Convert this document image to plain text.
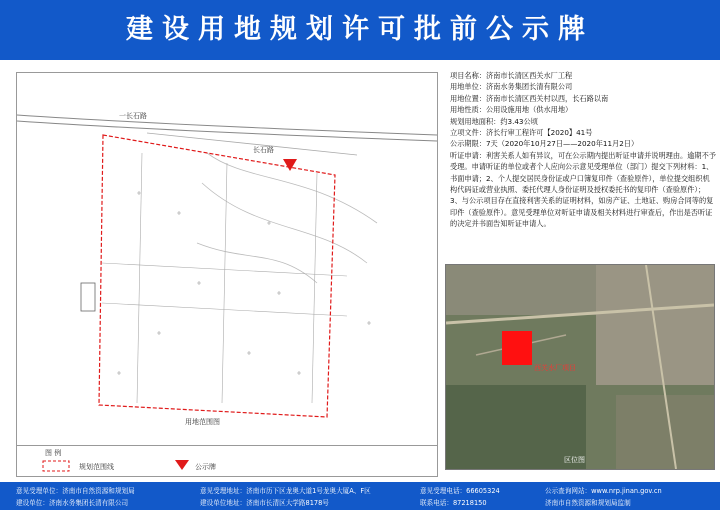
建设用地规划许可批前公示牌
一长石路
长石路
用地范围图
图 例
规划范围线	公示牌
项目名称：济南市长清区西关水厂工程
用地单位：济南水务集团长清有限公司
用地位置：济南市长清区西关村以西，长石路以南
用地性质：公用设施用地（供水用地）
规划用地面积：约3.43公顷
立项文件：济长行审工程许可【2020】41号
公示期限：7天（2020年10月27日——2020年11月2日）
听证申请：利害关系人如有异议，可在公示期内提出听证申请并说明理由。逾期不予受理。申请听证的单位或者个人应向公示意见受理单位（部门）提交下列材料：1、书面申请；2、个人提交居民身份证或户口簿复印件（查验原件），单位提交组织机构代码证或营业执照、委托代理人身份证明及授权委托书的复印件（查验原件）；3、与公示项目存在直接利害关系的证明材料，如房产证、土地证、购房合同等的复印件（查验原件）。意见受理单位对听证申请及相关材料进行审查后，作出是否听证的决定并书面告知听证申请人。
西关水厂项目
区位图
意见受理单位：济南市自然资源和规划局	意见受理地址：济南市历下区龙奥大道1号龙奥大厦A、F区	意见受理电话：66605324	公示查询网站：www.nrp.jinan.gov.cn
建设单位：济南水务集团长清有限公司	建设单位地址：济南市长清区大学路8178号	联系电话：87218150	济南市自然资源和规划局监制
